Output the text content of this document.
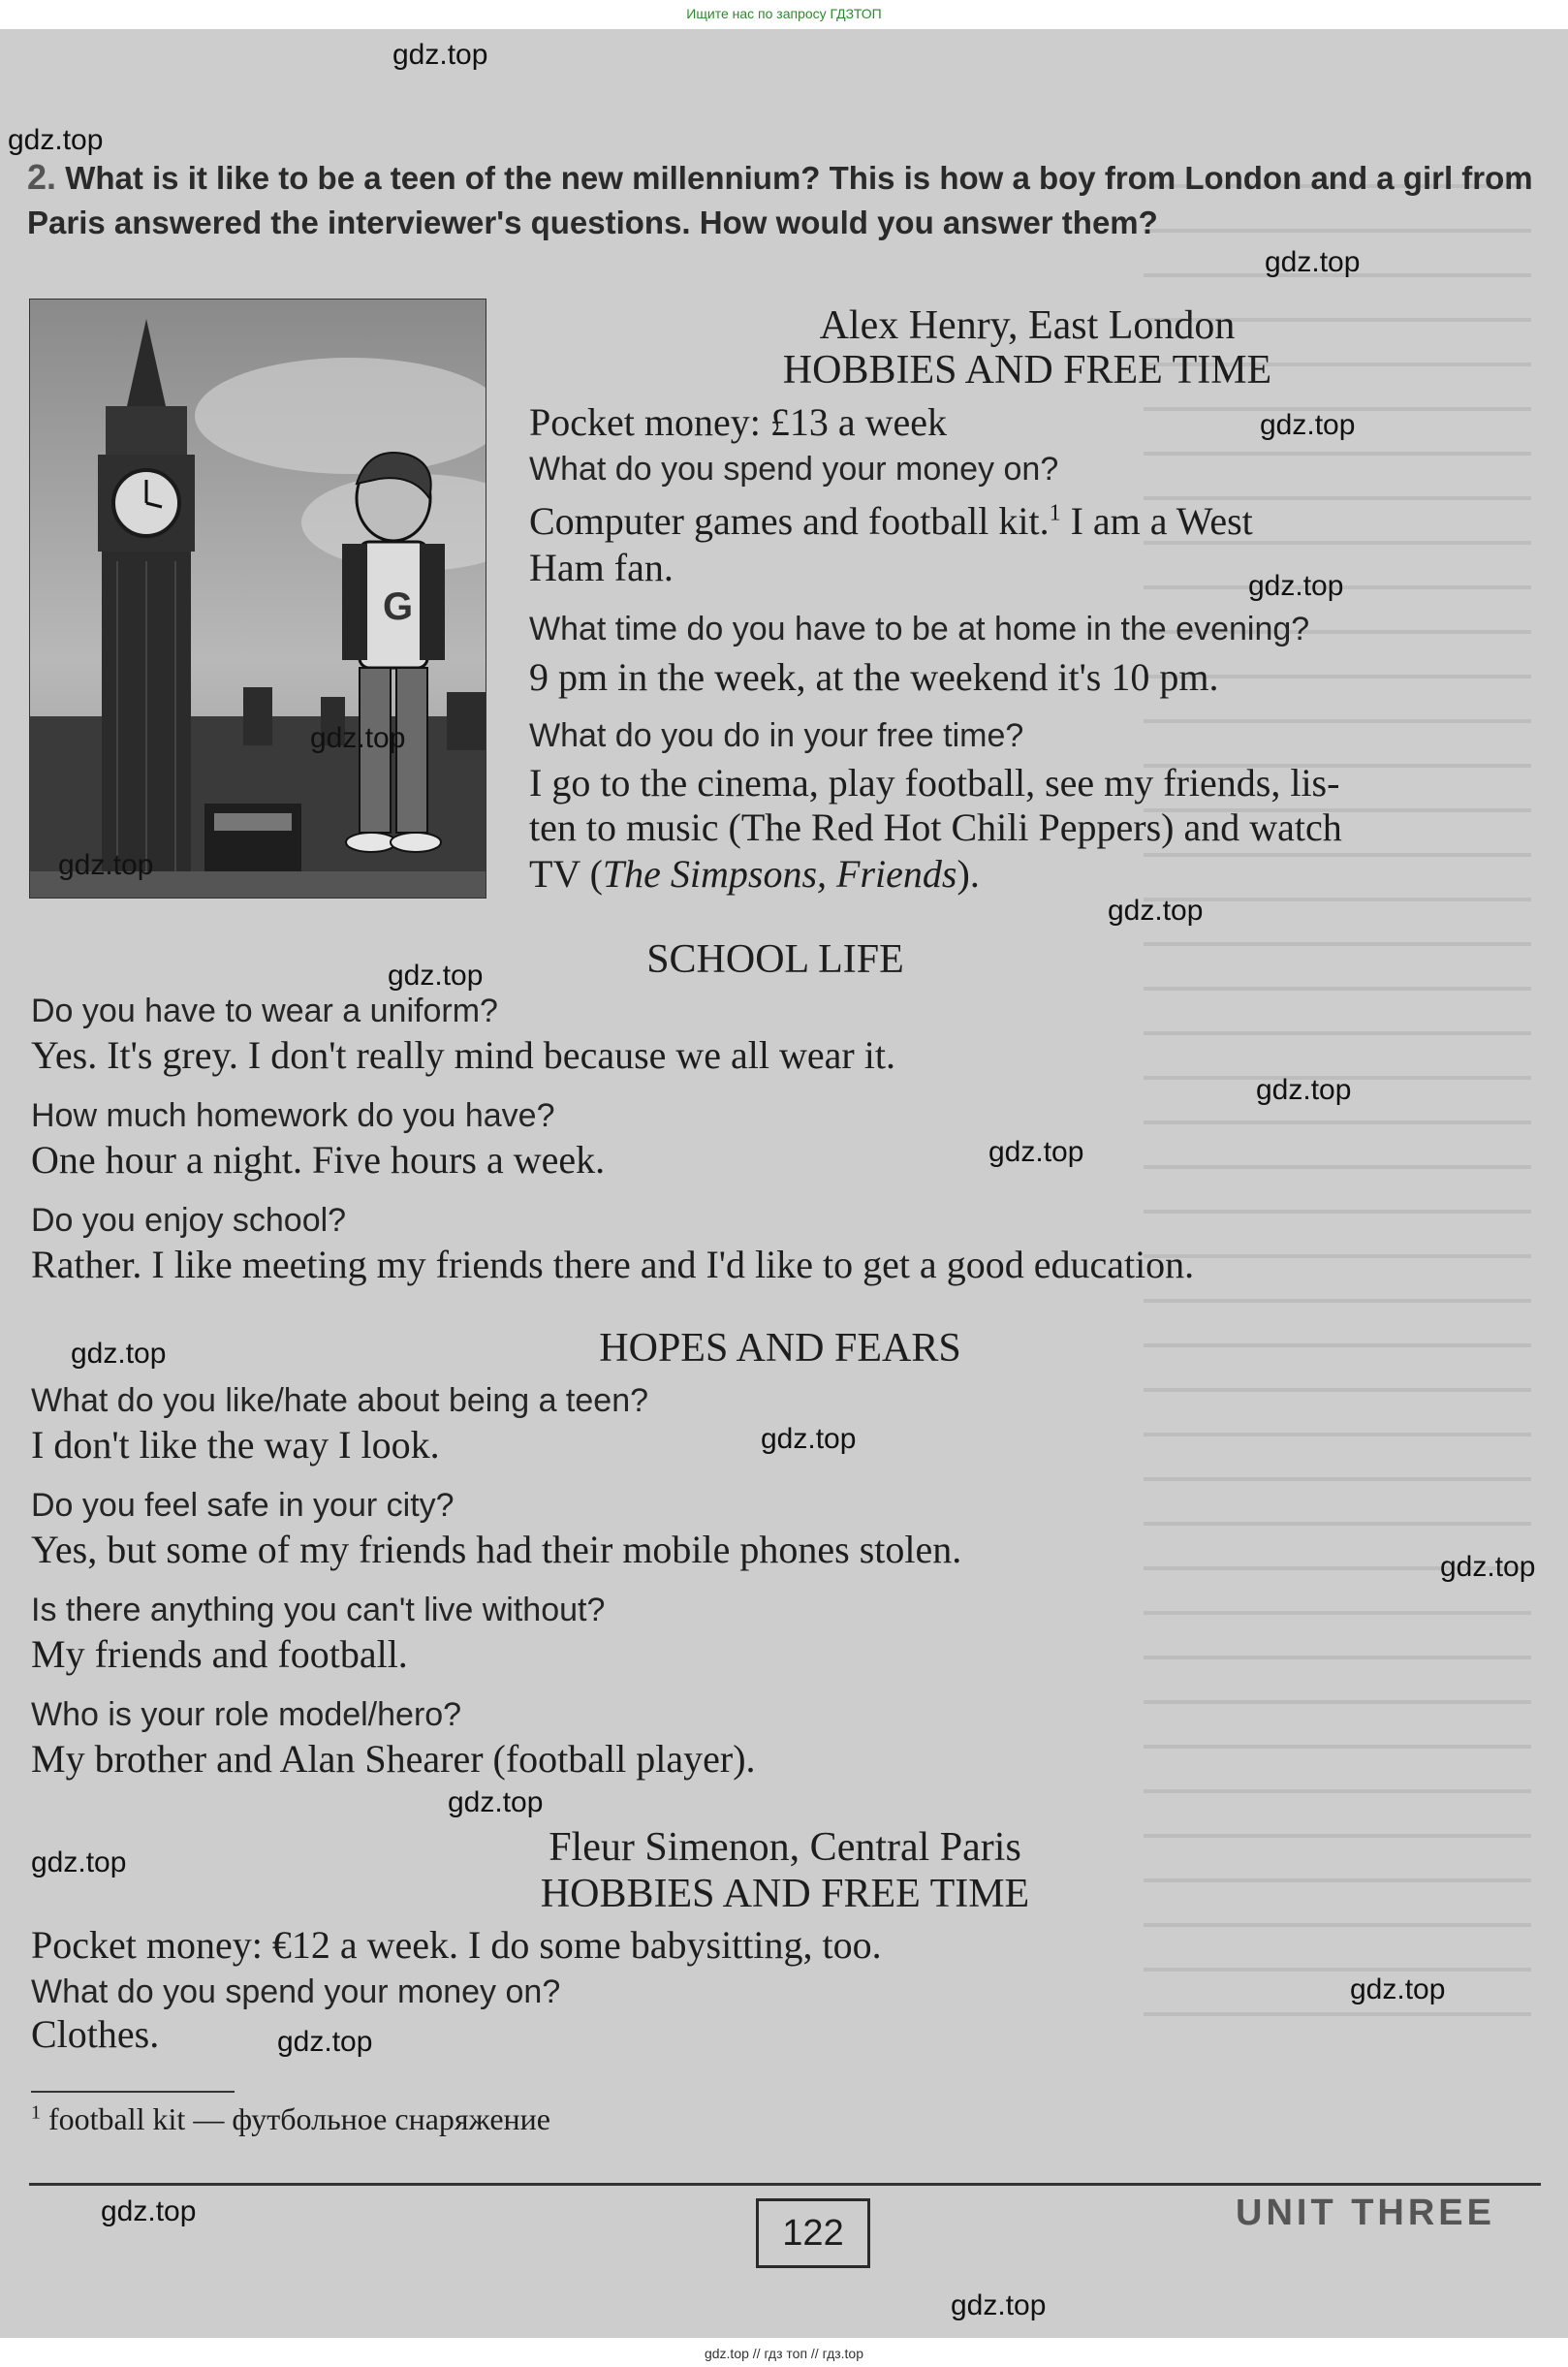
Ищите нас по запросу ГДЗТОП
2. What is it like to be a teen of the new millennium? This is how a boy from London and a girl from Paris answered the interviewer's questions. How would you answer them?
G
Alex Henry, East London
HOBBIES AND FREE TIME
Pocket money: £13 a week
What do you spend your money on?
Computer games and football kit.$^1$ I am a West
Ham fan.
What time do you have to be at home in the evening?
9 pm in the week, at the weekend it's 10 pm.
What do you do in your free time?
I go to the cinema, play football, see my friends, lis-
ten to music (The Red Hot Chili Peppers) and watch
TV (The Simpsons, Friends).
SCHOOL LIFE
Do you have to wear a uniform?
Yes. It's grey. I don't really mind because we all wear it.
How much homework do you have?
One hour a night. Five hours a week.
Do you enjoy school?
Rather. I like meeting my friends there and I'd like to get a good education.
HOPES AND FEARS
What do you like/hate about being a teen?
I don't like the way I look.
Do you feel safe in your city?
Yes, but some of my friends had their mobile phones stolen.
Is there anything you can't live without?
My friends and football.
Who is your role model/hero?
My brother and Alan Shearer (football player).
Fleur Simenon, Central Paris
HOBBIES AND FREE TIME
Pocket money: €12 a week. I do some babysitting, too.
What do you spend your money on?
Clothes.
$^1$ football kit — футбольное снаряжение
122	UNIT THREE
gdz.top
gdz.top
gdz.top
gdz.top
gdz.top
gdz.top
gdz.top
gdz.top
gdz.top
gdz.top
gdz.top
gdz.top
gdz.top
gdz.top
gdz.top
gdz.top
gdz.top
gdz.top
gdz.top
gdz.top
gdz.top // гдз топ // гдз.top
